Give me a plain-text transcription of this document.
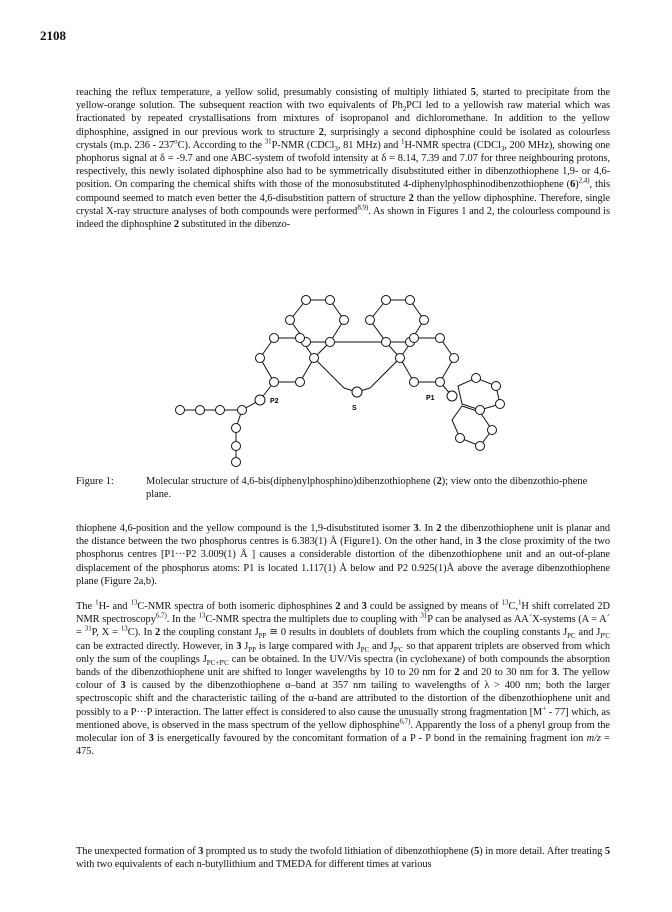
2108

reaching the reflux temperature, a yellow solid, presumably consisting of multiply lithiated 5, started to precipitate from the yellow-orange solution. The subsequent reaction with two equivalents of $Ph_2PCl$ led to a yellowish raw material which was fractionated by repeated crystallisations from mixtures of isopropanol and dichloromethane. In addition to the yellow diphosphine, assigned in our previous work to structure 2, surprisingly a second diphosphine could be isolated as colourless crystals (m.p. 236 - 237$^o$C). According to the $^{31}$P-NMR (CDCl$_3$, 81 MHz) and $^1$H-NMR spectra (CDCl$_3$, 200 MHz), showing one phophorus signal at δ = -9.7 and one ABC-system of twofold intensity at δ = 8.14, 7.39 and 7.07 for three neighbouring protons, respectively, this newly isolated diphosphine also had to be symmetrically disubstituted either in dibenzothiophene 1,9- or 4,6-position. On comparing the chemical shifts with those of the monosubstituted 4-diphenylphosphinodibenzothiophene $(6)^{2,4)}$, this compound seemed to match even better the 4,6-disubstition pattern of structure 2 than the yellow diphosphine. Therefore, single crystal X-ray structure analyses of both compounds were performed$^{8,9)}$. As shown in Figures 1 and 2, the colourless compound is indeed the diphosphine 2 substituted in the dibenzo-

S
P2	P1
Figure 1:	Molecular structure of 4,6-bis(diphenylphosphino)dibenzothiophene (2); view onto the dibenzothio-phene plane.

thiophene 4,6-position and the yellow compound is the 1,9-disubstituted isomer 3. In 2 the dibenzothiophene unit is planar and the distance between the two phosphorus centres is 6.383(1) Å (Figure1). On the other hand, in 3 the close proximity of the two phosphorus centres [P1···P2 3.009(1) Å ] causes a considerable distortion of the dibenzothiophene unit and an out-of-plane displacement of the phosphorus atoms: P1 is located 1.117(1) Å below and P2 0.925(1)Å above the average dibenzothiophene plane (Figure 2a,b).

The $^1$H- and $^{13}$C-NMR spectra of both isomeric diphosphines 2 and 3 could be assigned by means of $^{13}$C,$^1$H shift correlated 2D NMR spectroscopy$^{6,7)}$. In the $^{13}$C-NMR spectra the multiplets due to coupling with $^{31}$P can be analysed as AA´X-systems (A = A´ = $^{31}$P, X = $^{13}$C). In 2 the coupling constant $J_{PP}$ ≅ 0 results in doublets of doublets from which the coupling constants $J_{PC}$ and $J_{P'C}$ can be extracted directly. However, in 3 $J_{PP}$ is large compared with $J_{PC}$ and $J_{P'C}$ so that apparent triplets are observed from which only the sum of the couplings $J_{PC+P'C}$ can be obtained. In the UV/Vis spectra (in cyclohexane) of both compounds the absorption bands of the dibenzothiophene unit are shifted to longer wavelengths by 10 to 20 nm for 2 and 20 to 30 nm for 3. The yellow colour of 3 is caused by the dibenzothiophene α–band at 357 nm tailing to wavelengths of λ > 400 nm; both the larger spectroscopic shift and the characteristic tailing of the α-band are attributed to the distortion of the dibenzothiophene unit and possibly to a P···P interaction. The latter effect is considered to also cause the unusually strong fragmentation [M+ - 77] which, as mentioned above, is observed in the mass spectrum of the yellow diphosphine$^{6,7)}$. Apparently the loss of a phenyl group from the molecular ion of 3 is energetically favoured by the concomitant formation of a P - P bond in the remaining fragment ion m/z = 475.

The unexpected formation of 3 prompted us to study the twofold lithiation of dibenzothiophene (5) in more detail. After treating 5 with two equivalents of each n-butyllithium and TMEDA for different times at various
